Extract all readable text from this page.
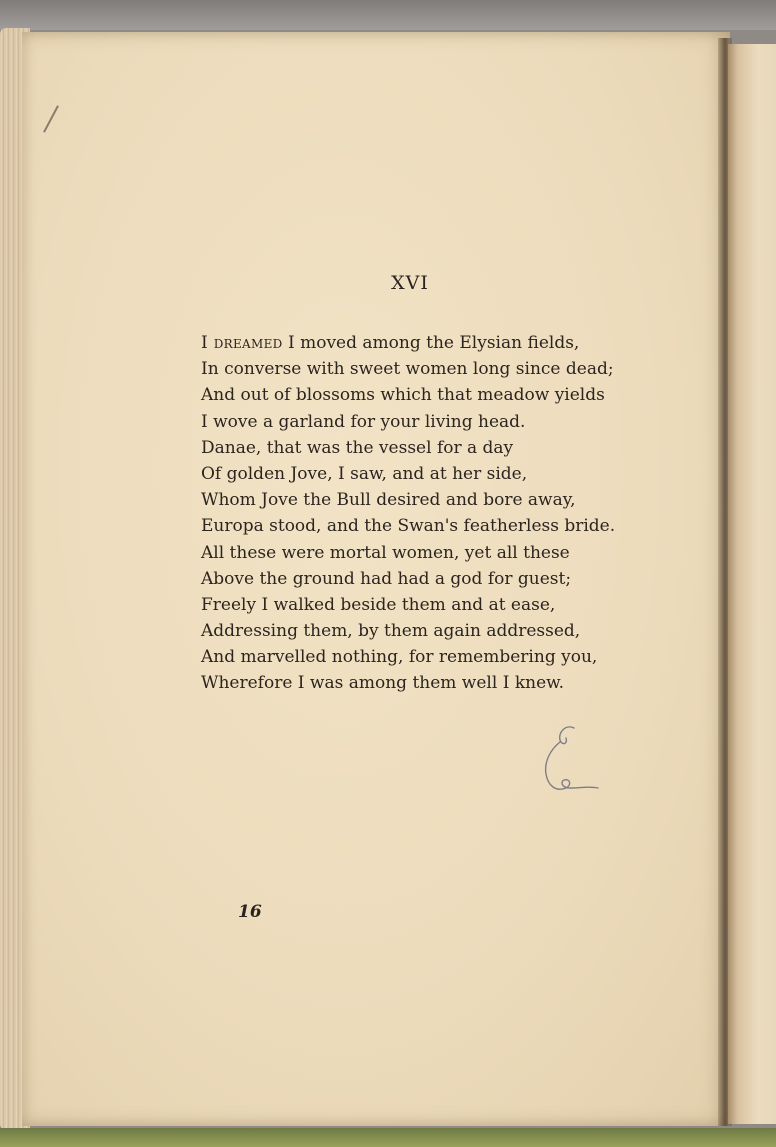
XVI
I dreamed I moved among the Elysian fields,
In converse with sweet women long since dead;
And out of blossoms which that meadow yields
I wove a garland for your living head.
Danae, that was the vessel for a day
Of golden Jove, I saw, and at her side,
Whom Jove the Bull desired and bore away,
Europa stood, and the Swan's featherless bride.
All these were mortal women, yet all these
Above the ground had had a god for guest;
Freely I walked beside them and at ease,
Addressing them, by them again addressed,
And marvelled nothing, for remembering you,
Wherefore I was among them well I knew.
16
